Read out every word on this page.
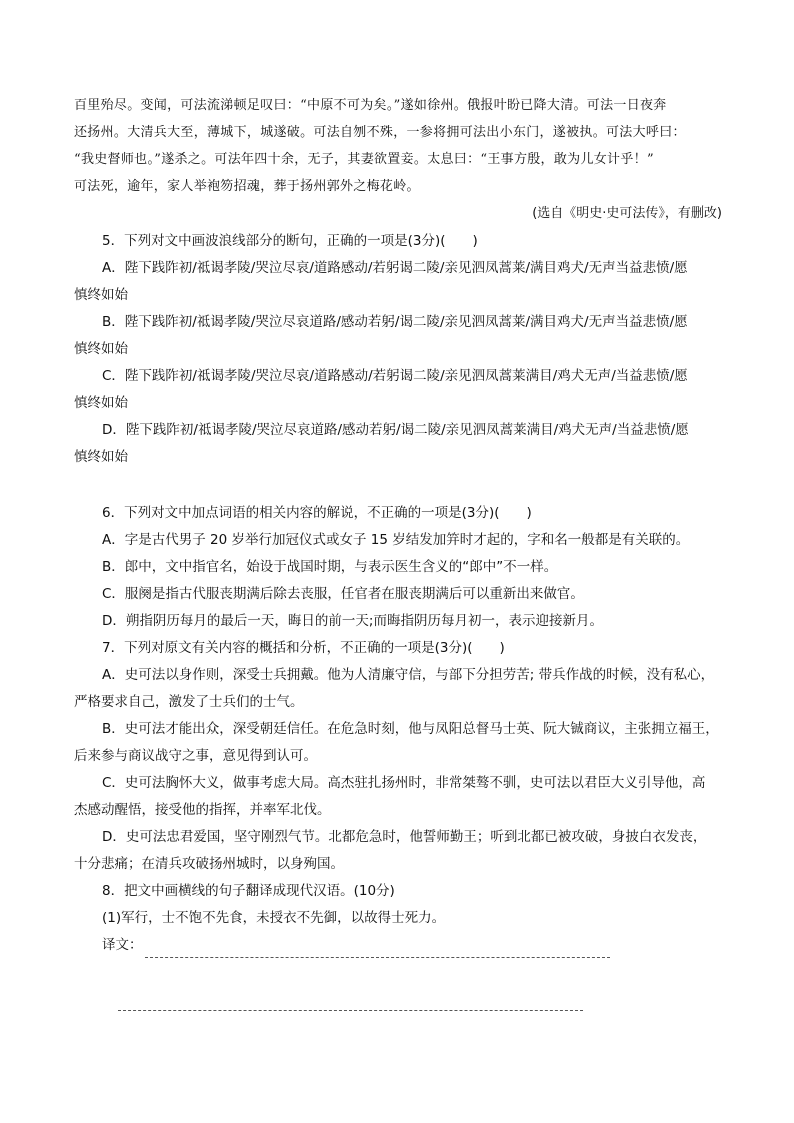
百里殆尽。变闻，可法流涕顿足叹曰：“中原不可为矣。”遂如徐州。俄报叶盼已降大清。可法一日夜奔

还扬州。大清兵大至，薄城下，城遂破。可法自刎不殊，一参将拥可法出小东门，遂被执。可法大呼曰：

“我史督师也。”遂杀之。可法年四十余，无子，其妻欲置妾。太息曰：“王事方殷，敢为儿女计乎！”

可法死，逾年，家人举袍笏招魂，葬于扬州郭外之梅花岭。

(选自《明史·史可法传》，有删改)

5．下列对文中画波浪线部分的断句，正确的一项是(3分)(　　)

A．陛下践阼初/祗谒孝陵/哭泣尽哀/道路感动/若躬谒二陵/亲见泗凤蒿莱/满目鸡犬/无声当益悲愤/愿

慎终如始

B．陛下践阼初/祗谒孝陵/哭泣尽哀道路/感动若躬/谒二陵/亲见泗凤蒿莱/满目鸡犬/无声当益悲愤/愿

慎终如始

C．陛下践阼初/祗谒孝陵/哭泣尽哀/道路感动/若躬谒二陵/亲见泗凤蒿莱满目/鸡犬无声/当益悲愤/愿

慎终如始

D．陛下践阼初/祗谒孝陵/哭泣尽哀道路/感动若躬/谒二陵/亲见泗凤蒿莱满目/鸡犬无声/当益悲愤/愿

慎终如始

6．下列对文中加点词语的相关内容的解说，不正确的一项是(3分)(　　)

A．字是古代男子 20 岁举行加冠仪式或女子 15 岁结发加笄时才起的，字和名一般都是有关联的。

B．郎中，文中指官名，始设于战国时期，与表示医生含义的“郎中”不一样。

C．服阕是指古代服丧期满后除去丧服，任官者在服丧期满后可以重新出来做官。

D．朔指阴历每月的最后一天，晦日的前一天;而晦指阴历每月初一，表示迎接新月。

7．下列对原文有关内容的概括和分析，不正确的一项是(3分)(　　)

A．史可法以身作则，深受士兵拥戴。他为人清廉守信，与部下分担劳苦; 带兵作战的时候，没有私心，

严格要求自己，激发了士兵们的士气。

B．史可法才能出众，深受朝廷信任。在危急时刻，他与凤阳总督马士英、阮大铖商议，主张拥立福王，

后来参与商议战守之事，意见得到认可。

C．史可法胸怀大义，做事考虑大局。高杰驻扎扬州时，非常桀骜不驯，史可法以君臣大义引导他，高

杰感动醒悟，接受他的指挥，并率军北伐。

D．史可法忠君爱国，坚守刚烈气节。北都危急时，他誓师勤王；听到北都已被攻破，身披白衣发丧，

十分悲痛；在清兵攻破扬州城时，以身殉国。

8．把文中画横线的句子翻译成现代汉语。(10分)

(1)军行，士不饱不先食，未授衣不先御，以故得士死力。

译文：
